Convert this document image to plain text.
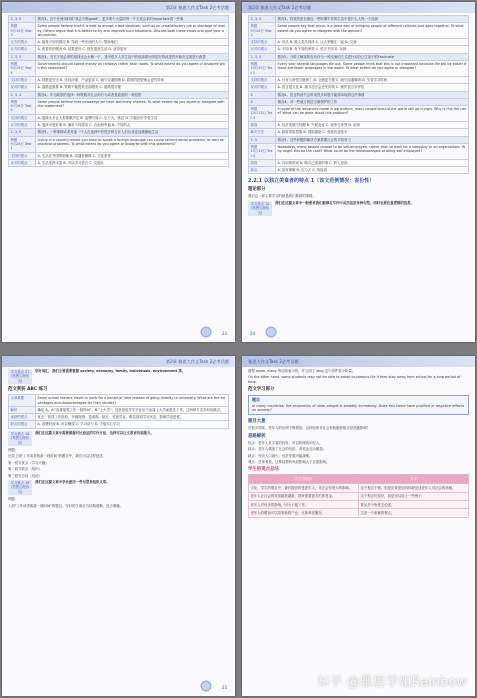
第2章 雅思大作文Task 2必考话题
2, 3, 5	情况3。总个在使用时候"我会不断good"，更多的个大量的每一个天里会来的important的一些事
例题
9月19日 Test 3	Some people believe that it is best to accept a bad situation, such as an unsatisfactory job or shortage of money. Others argue that it is better to try and improve such situations. Discuss both these views and give your own opinion.
正方的观点	A. 接受不好的情况 B. 得到一些东西的人 C. 帮助他们
反方的观点	A. 改善你的情况 B. 结果更好 C. 现在提高生活 D. 获得更好
2, 3, 5	情况3。当它不是必须的选择还会大概一下，其中很多人对生活中的选择做出明显好的改进的开始决定的进行改善
例题
9月19日 Test 4	Governments should spend money on railways rather than roads. To what extent do you agree or disagree with this statement?
支持的观点	A. 铁路更安全 B. 比较环保、产品更高 C. 减少交通拥堵 D. 政府的投资就会更有效率
反对的观点	A. 道路更重要 B. 铁路不能提供全部服务 C. 道路很方便
2, 3, 4	情况4。作为政府的选择一种铁路对社会的行为或者是政府的一种投资
例题
9月26日 Test 5	Some people believe that nowadays we have too many choices. To what extent do you agree or disagree with this statement?
支持的观点	A. 选择太多让人很难做决定 B. 浪费时间 C. 压力大、焦虑 D. 不能好好享受生活
反对的观点	A. 选择多是好事 B. 满足不同需求 C. 自由和幸福 D. 不同的人
2, 3, 5	情况5。一种事情或者其他一个人在选择中有很多种方法人们应该更加谨慎地生活
例题
9月26日 Test 1	Living in a country where you have to speak a foreign language can cause serious social problems, as well as practical problems. To what extent do you agree or disagree with this statement?
支持的观点	A. 生活在外国的困难 B. 沟通有障碍 C. 文化差异
反对的观点	A. 生活变得丰富 B. 可以学习语言 C. 交朋友
23
第2章 雅思大作文Task 2必考话题
2, 3, 5	情况3。你说的是在最近一些时期中你的生活中是什么人每一个选择
例题
9月26日 Test 2	Some people say that music is a good way of bringing people of different cultures and ages together. To what extent do you agree or disagree with the opinion?
支持的观点	A. 音乐 B. 做人类共同体 C. 让大家聚在一起 D. 交流
反对的观点	A. 不同 B. 有不同的审美 C. 语言不同 D. 年龄
2, 3, 5	情况5。当做了解到的音乐作为一种交流的方式进行到自己生活中的Fascinate
例题
10月10日 Test 1	Every year several languages die out. Some people think that this is not important because life will be easier if there are fewer languages in the world. To what extent do you agree or disagree?
支持的观点	A. 只有几种语言就够了 B. 交流更方便 C. 减少沟通障碍 D. 节省学习时间
反对的观点	A. 语言是文化 B. 减少语言会丢失传统 C. 保护语言多样性
4	情况4。语言的消失会带来很多问题不能简单地看这件事情
4	情况4。对一些地方的语言做保护的工作
例题
10月13日 Test 3	In spite of the advances made in agriculture, many people around the world still go hungry. Why is this the case? What can be done about this problem?
原因	A. 经济发展不均衡 B. 气候变化 C. 战争与冲突 D. 贫困
解决方法	A. 政府采取措施 B. 国际援助 C. 发展农业技术
2, 5	情况5。这些问题的解决方案需要社会的共同努力
例题
10月13日 Test 4	Nowadays, many people choose to be self-employed, rather than to work for a company or an organisation. Why might this be the case? What could be the disadvantages of being self-employed?
原因	A. 自由的时间 B. 做自己喜欢的事 C. 收入更高
缺点	A. 没有保障 B. 压力大 C. 风险高
2.2.1 以独立美食者的特点 1（该文范例情况：省份性）
理论部分
我们这一章主要学习的就是我们要做的事情。
学习重点 10
(思想心理形态)
我们在这篇文章中一般要求我们能够在写作中灵活运用各种句型，同时也要注意逻辑的连贯。
24
第2章 雅思大作文Task 2必考话题
学习重点 17
(思想心理形态)
学好词汇，我们主要需要掌握 society, economy, family, individuals, environment 等。
范文赏析 ABC 练习
文章真题	Some school leavers travel or work for a period of time instead of going directly to university. What are the advantages and disadvantages for their studies?
解析	确定 A。A."直接接受工作一段时间"，B."上大学"。这里是说学生毕业后不直接上大学而是先工作。这两种方式各有优缺点。
优缺的观点	优点：获得工作经验、开阔视野、更成熟。缺点：荒废学业、难以回到学习状态、影响学业进度。
缺点的观点	A. 浪费时间 B. 可以赚钱 C. 学习动力 D. 不能专心学习
学习重点 18
(思想心理形态)
我们在这篇文章中需要掌握对比论证的写作方法，这样可以让文章更有说服力。
例题：
比如上面"工作或者旅游一段时间"的题目中，我们可以这样论述：
第一段写优点（学习兴趣）
第二段写缺点（知识）
第三段写总结（结论）
学习重点 19
(思想心理形态)
我们在这篇文章中学会使用一些句型来组织文章。
例题：
上面"工作或者旅游一段时间"的题目，写好的文章应当结构清晰、论点明确。
25
雅思大作文Task 2必考话题
典型 some, many 等词所表示的，并且用了 long 这个条件很小的量。
On the other hand, some students may not be able to adapt to campus life if they stay away from school for a long period of time.
范文学习部分
题目
In many countries, the proportion of older people is steadily increasing. Does this trend have positive or negative effects on society?
题目大意
在很多国家，老年人的比例不断增加，这种趋势对社会有积极影响还是消极影响？
思路解析
优点：老年人有丰富的经验，可以传授给年轻人。
缺点：老年人增加了社会的负担，养老金支出增加。
缺点：劳动人口减少，经济发展可能减缓。
观点：总体来说，这种趋势的负面影响大于正面影响。
学生的观点总结
学生的观点	点评
文化：学生的观点中，最后提到的是老年人，对社会有很大的影响。	这个观点不错，但是应该更加具体地论述老年人对社会的贡献。
老年人让社会的负担越来越重，国家需要更多的养老金。	这个观点比较好，但是可以加上一些例子。
老年人对经济的影响，因为不能工作。	要从多个角度去论述。
老年人的增加可以带来新的产业，比如养老服务。	这是一个新颖的观点。
知乎 @雅思学姐Rainbow
